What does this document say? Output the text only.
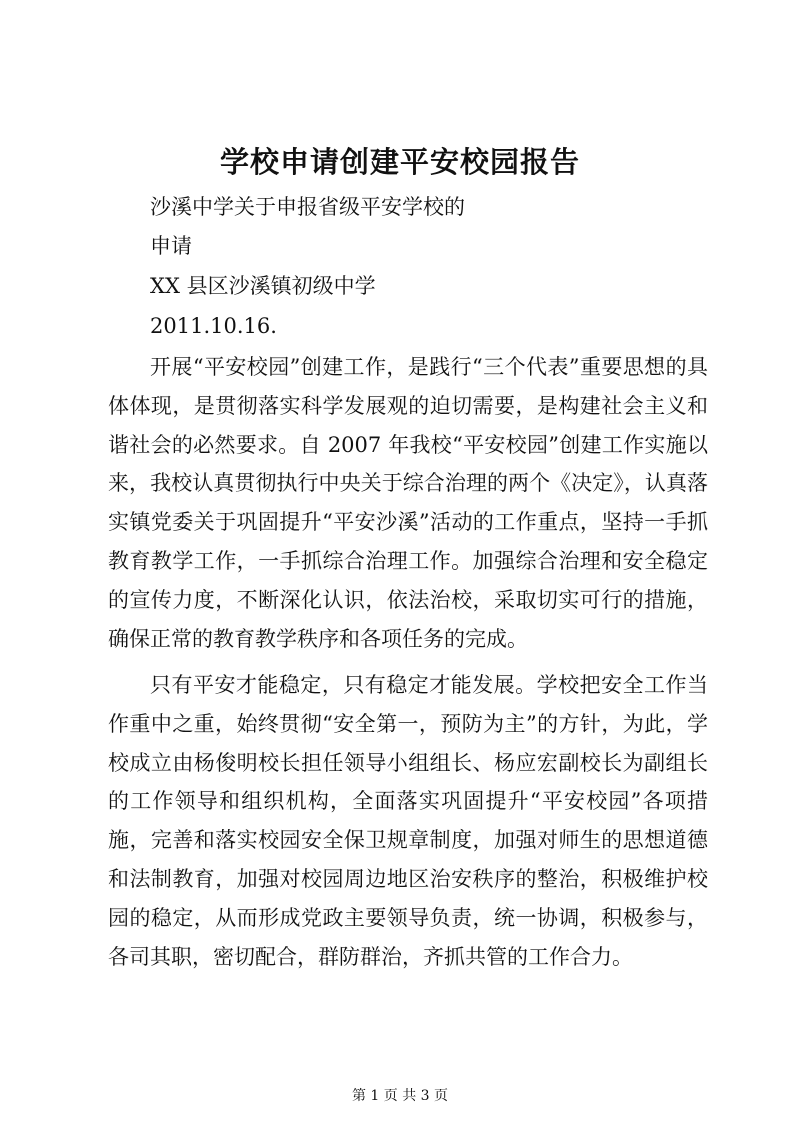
学校申请创建平安校园报告
沙溪中学关于申报省级平安学校的
申请
XX 县区沙溪镇初级中学
2011.10.16.

开展“平安校园”创建工作，是践行“三个代表”重要思想的具体体现，是贯彻落实科学发展观的迫切需要，是构建社会主义和谐社会的必然要求。自 2007 年我校“平安校园”创建工作实施以来，我校认真贯彻执行中央关于综合治理的两个《决定》，认真落实镇党委关于巩固提升“平安沙溪”活动的工作重点，坚持一手抓教育教学工作，一手抓综合治理工作。加强综合治理和安全稳定的宣传力度，不断深化认识，依法治校，采取切实可行的措施，确保正常的教育教学秩序和各项任务的完成。

只有平安才能稳定，只有稳定才能发展。学校把安全工作当作重中之重，始终贯彻“安全第一，预防为主”的方针，为此，学校成立由杨俊明校长担任领导小组组长、杨应宏副校长为副组长的工作领导和组织机构，全面落实巩固提升“平安校园”各项措施，完善和落实校园安全保卫规章制度，加强对师生的思想道德和法制教育，加强对校园周边地区治安秩序的整治，积极维护校园的稳定，从而形成党政主要领导负责，统一协调，积极参与，各司其职，密切配合，群防群治，齐抓共管的工作合力。

第 1 页 共 3 页
